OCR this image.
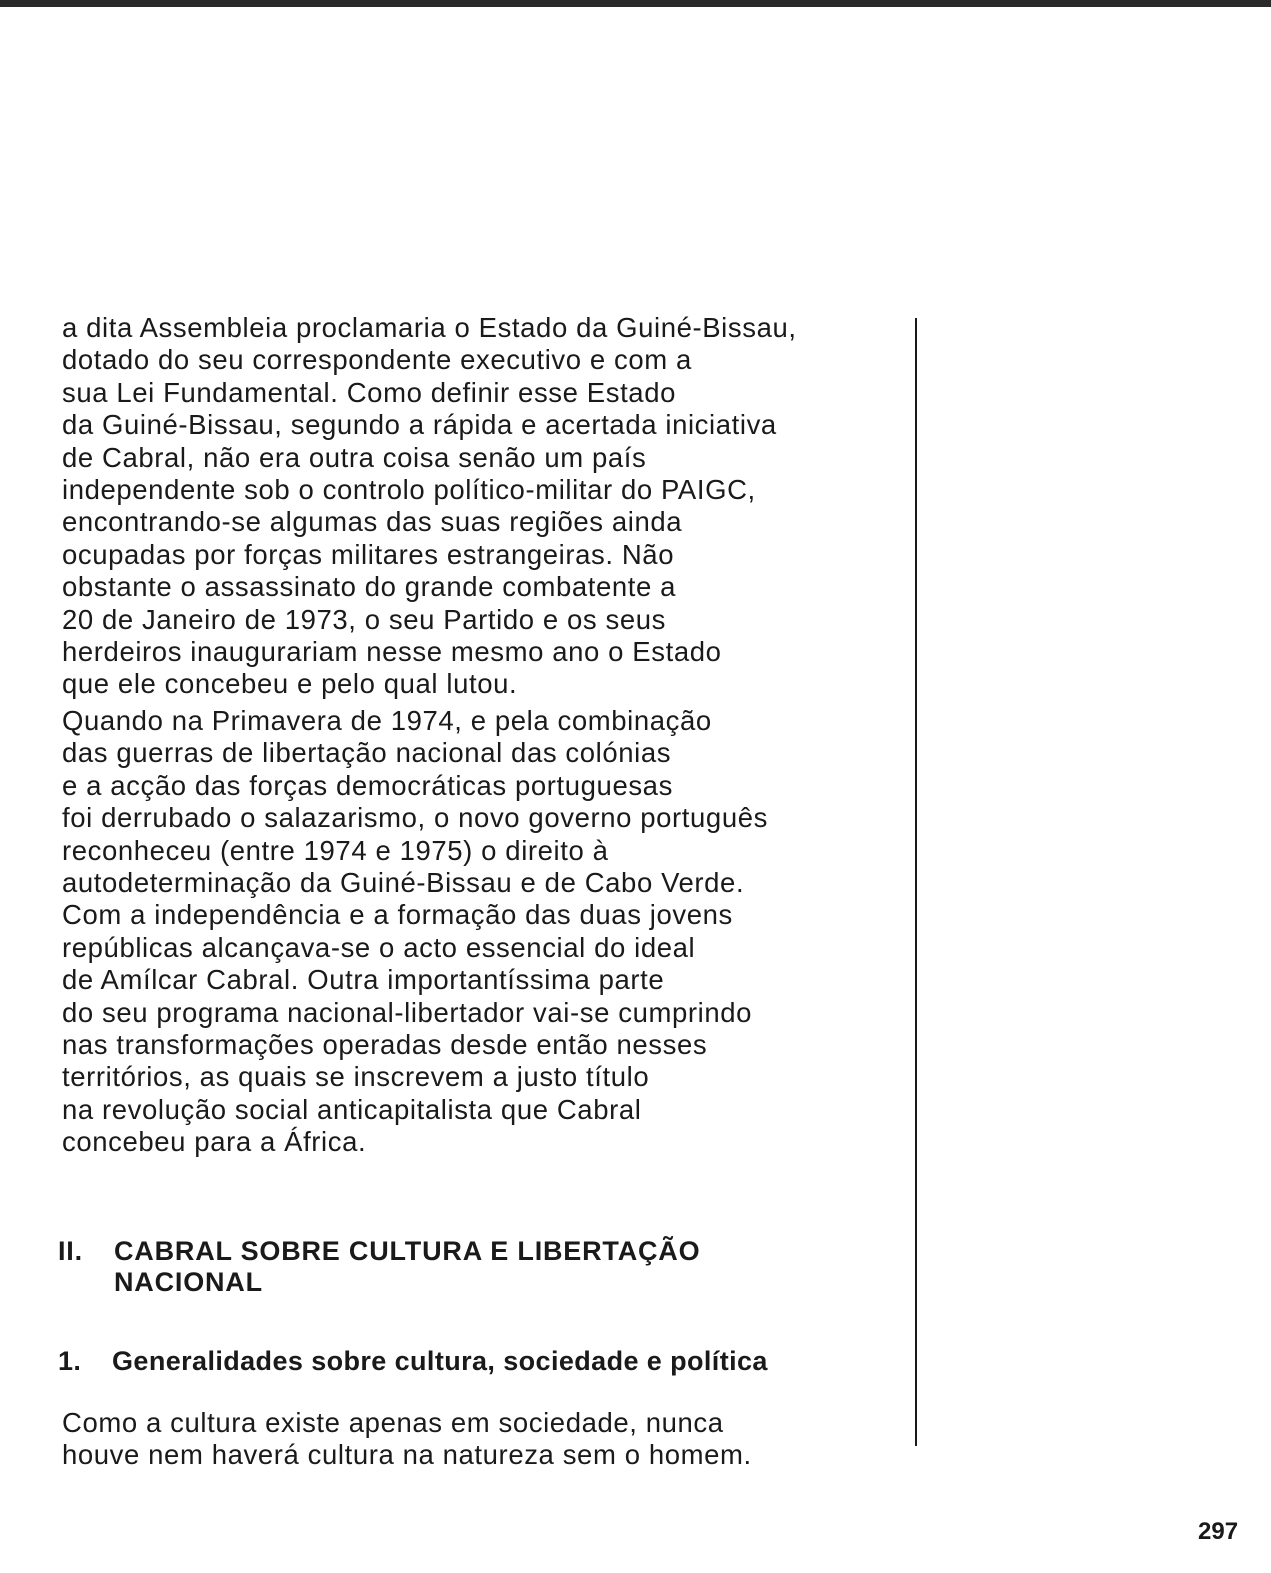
a dita Assembleia proclamaria o Estado da Guiné-Bissau,
dotado do seu correspondente executivo e com a
sua Lei Fundamental. Como definir esse Estado
da Guiné-Bissau, segundo a rápida e acertada iniciativa
de Cabral, não era outra coisa senão um país
independente sob o controlo político-militar do PAIGC,
encontrando-se algumas das suas regiões ainda
ocupadas por forças militares estrangeiras. Não
obstante o assassinato do grande combatente a
20 de Janeiro de 1973, o seu Partido e os seus
herdeiros inaugurariam nesse mesmo ano o Estado
que ele concebeu e pelo qual lutou.
Quando na Primavera de 1974, e pela combinação
das guerras de libertação nacional das colónias
e a acção das forças democráticas portuguesas
foi derrubado o salazarismo, o novo governo português
reconheceu (entre 1974 e 1975) o direito à
autodeterminação da Guiné-Bissau e de Cabo Verde.
Com a independência e a formação das duas jovens
repúblicas alcançava-se o acto essencial do ideal
de Amílcar Cabral. Outra importantíssima parte
do seu programa nacional-libertador vai-se cumprindo
nas transformações operadas desde então nesses
territórios, as quais se inscrevem a justo título
na revolução social anticapitalista que Cabral
concebeu para a África.
II. CABRAL SOBRE CULTURA E LIBERTAÇÃO
NACIONAL
1. Generalidades sobre cultura, sociedade e política
Como a cultura existe apenas em sociedade, nunca
houve nem haverá cultura na natureza sem o homem.
297
